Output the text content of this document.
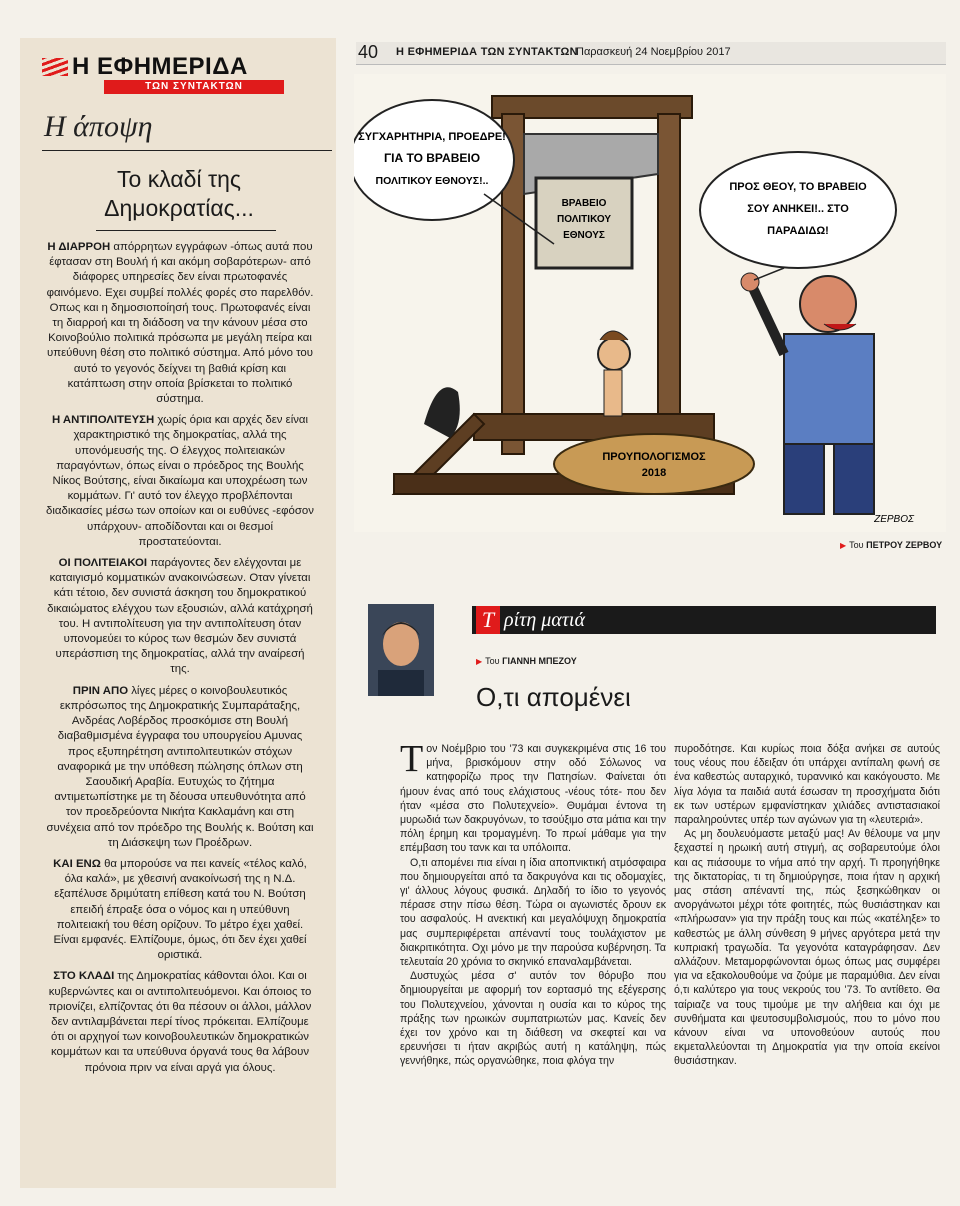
Η ΕΦΗΜΕΡΙΔΑ
ΤΩΝ ΣΥΝΤΑΚΤΩΝ
Η άποψη
Το κλαδί της Δημοκρατίας...

Η ΔΙΑΡΡΟΗ απόρρητων εγγράφων -όπως αυτά που έφτασαν στη Βουλή ή και ακόμη σοβαρότερων- από διάφορες υπηρεσίες δεν είναι πρωτοφανές φαινόμενο. Εχει συμβεί πολλές φορές στο παρελθόν. Οπως και η δημοσιοποίησή τους. Πρωτοφανές είναι τη διαρροή και τη διάδοση να την κάνουν μέσα στο Κοινοβούλιο πολιτικά πρόσωπα με μεγάλη πείρα και υπεύθυνη θέση στο πολιτικό σύστημα. Από μόνο του αυτό το γεγονός δείχνει τη βαθιά κρίση και κατάπτωση στην οποία βρίσκεται το πολιτικό σύστημα.

Η ΑΝΤΙΠΟΛΙΤΕΥΣΗ χωρίς όρια και αρχές δεν είναι χαρακτηριστικό της δημοκρατίας, αλλά της υπονόμευσής της. Ο έλεγχος πολιτειακών παραγόντων, όπως είναι ο πρόεδρος της Βουλής Νίκος Βούτσης, είναι δικαίωμα και υποχρέωση των κομμάτων. Γι' αυτό τον έλεγχο προβλέπονται διαδικασίες μέσω των οποίων και οι ευθύνες -εφόσον υπάρχουν- αποδίδονται και οι θεσμοί προστατεύονται.

ΟΙ ΠΟΛΙΤΕΙΑΚΟΙ παράγοντες δεν ελέγχονται με καταιγισμό κομματικών ανακοινώσεων. Οταν γίνεται κάτι τέτοιο, δεν συνιστά άσκηση του δημοκρατικού δικαιώματος ελέγχου των εξουσιών, αλλά κατάχρησή του. Η αντιπολίτευση για την αντιπολίτευση όταν υπονομεύει το κύρος των θεσμών δεν συνιστά υπεράσπιση της δημοκρατίας, αλλά την αναίρεσή της.

ΠΡΙΝ ΑΠΟ λίγες μέρες ο κοινοβουλευτικός εκπρόσωπος της Δημοκρατικής Συμπαράταξης, Ανδρέας Λοβέρδος προσκόμισε στη Βουλή διαβαθμισμένα έγγραφα του υπουργείου Αμυνας προς εξυπηρέτηση αντιπολιτευτικών στόχων αναφορικά με την υπόθεση πώλησης όπλων στη Σαουδική Αραβία. Ευτυχώς το ζήτημα αντιμετωπίστηκε με τη δέουσα υπευθυνότητα από τον προεδρεύοντα Νικήτα Κακλαμάνη και στη συνέχεια από τον πρόεδρο της Βουλής κ. Βούτση και τη Διάσκεψη των Προέδρων.

ΚΑΙ ΕΝΩ θα μπορούσε να πει κανείς «τέλος καλό, όλα καλά», με χθεσινή ανακοίνωσή της η Ν.Δ. εξαπέλυσε δριμύτατη επίθεση κατά του Ν. Βούτση επειδή έπραξε όσα ο νόμος και η υπεύθυνη πολιτειακή του θέση ορίζουν. Το μέτρο έχει χαθεί. Είναι εμφανές. Ελπίζουμε, όμως, ότι δεν έχει χαθεί οριστικά.

ΣΤΟ ΚΛΑΔΙ της Δημοκρατίας κάθονται όλοι. Και οι κυβερνώντες και οι αντιπολιτευόμενοι. Και όποιος το πριονίζει, ελπίζοντας ότι θα πέσουν οι άλλοι, μάλλον δεν αντιλαμβάνεται περί τίνος πρόκειται. Ελπίζουμε ότι οι αρχηγοί των κοινοβουλευτικών δημοκρατικών κομμάτων και τα υπεύθυνα όργανά τους θα λάβουν πρόνοια πριν να είναι αργά για όλους.

40	Η ΕΦΗΜΕΡΙΔΑ ΤΩΝ ΣΥΝΤΑΚΤΩΝ
Παρασκευή 24 Νοεμβρίου 2017
ΒΡΑΒΕΙΟ
ΠΟΛΙΤΙΚΟΥ
ΕΘΝΟΥΣ
ΠΡΟΥΠΟΛΟΓΙΣΜΟΣ
2018
ΣΥΓΧΑΡΗΤΗΡΙΑ, ΠΡΟΕΔΡΕ!
ΓΙΑ ΤΟ ΒΡΑΒΕΙΟ
ΠΟΛΙΤΙΚΟΥ ΕΘΝΟΥΣ!..	ΠΡΟΣ ΘΕΟΥ, ΤΟ ΒΡΑΒΕΙΟ
ΣΟΥ ΑΝΗΚΕΙ!.. ΣΤΟ
ΠΑΡΑΔΙΔΩ!
ΖΕΡΒΟΣ
▶ Του ΠΕΤΡΟΥ ΖΕΡΒΟΥ
Τ ρίτη ματιά
▶ Του ΓΙΑΝΝΗ ΜΠΕΖΟΥ
Ο,τι απομένει

Τον Νοέμβριο του '73 και συγκεκριμένα στις 16 του μήνα, βρισκόμουν στην οδό Σόλωνος να κατηφορίζω προς την Πατησίων. Φαίνεται ότι ήμουν ένας από τους ελάχιστους -νέους τότε- που δεν ήταν «μέσα στο Πολυτεχνείο». Θυμάμαι έντονα τη μυρωδιά των δακρυγόνων, το τσούξιμο στα μάτια και την πόλη έρημη και τρομαγμένη. Το πρωί μάθαμε για την επέμβαση του τανκ και τα υπόλοιπα.

Ο,τι απομένει πια είναι η ίδια αποπνικτική ατμόσφαιρα που δημιουργείται από τα δακρυγόνα και τις οδομαχίες, γι' άλλους λόγους φυσικά. Δηλαδή το ίδιο το γεγονός πέρασε στην πίσω θέση. Τώρα οι αγωνιστές δρουν εκ του ασφαλούς. Η ανεκτική και μεγαλόψυχη δημοκρατία μας συμπεριφέρεται απέναντί τους τουλάχιστον με διακριτικότητα. Οχι μόνο με την παρούσα κυβέρνηση. Τα τελευταία 20 χρόνια το σκηνικό επαναλαμβάνεται.

Δυστυχώς μέσα σ' αυτόν τον θόρυβο που δημιουργείται με αφορμή τον εορτασμό της εξέγερσης του Πολυτεχνείου, χάνονται η ουσία και το κύρος της πράξης των ηρωικών συμπατριωτών μας. Κανείς δεν έχει τον χρόνο και τη διάθεση να σκεφτεί και να ερευνήσει τι ήταν ακριβώς αυτή η κατάληψη, πώς γεννήθηκε, πώς οργανώθηκε, ποια φλόγα την

πυροδότησε. Και κυρίως ποια δόξα ανήκει σε αυτούς τους νέους που έδειξαν ότι υπάρχει αντίπαλη φωνή σε ένα καθεστώς αυταρχικό, τυραννικό και κακόγουστο. Με λίγα λόγια τα παιδιά αυτά έσωσαν τη προσχήματα διότι εκ των υστέρων εμφανίστηκαν χιλιάδες αντιστασιακοί παραληρούντες υπέρ των αγώνων για τη «λευτεριά».

Ας μη δουλευόμαστε μεταξύ μας! Αν θέλουμε να μην ξεχαστεί η ηρωική αυτή στιγμή, ας σοβαρευτούμε όλοι και ας πιάσουμε το νήμα από την αρχή. Τι προηγήθηκε της δικτατορίας, τι τη δημιούργησε, ποια ήταν η αρχική μας στάση απέναντί της, πώς ξεσηκώθηκαν οι ανοργάνωτοι μέχρι τότε φοιτητές, πώς θυσιάστηκαν και «πλήρωσαν» για την πράξη τους και πώς «κατέληξε» το καθεστώς με άλλη σύνθεση 9 μήνες αργότερα μετά την κυπριακή τραγωδία. Τα γεγονότα καταγράφησαν. Δεν αλλάζουν. Μεταμορφώνονται όμως όπως μας συμφέρει για να εξακολουθούμε να ζούμε με παραμύθια. Δεν είναι ό,τι καλύτερο για τους νεκρούς του '73. Το αντίθετο. Θα ταίριαζε να τους τιμούμε με την αλήθεια και όχι με συνθήματα και ψευτοσυμβολισμούς, που το μόνο που κάνουν είναι να υπονοθεύουν αυτούς που εκμεταλλεύονται τη Δημοκρατία για την οποία εκείνοι θυσιάστηκαν.
